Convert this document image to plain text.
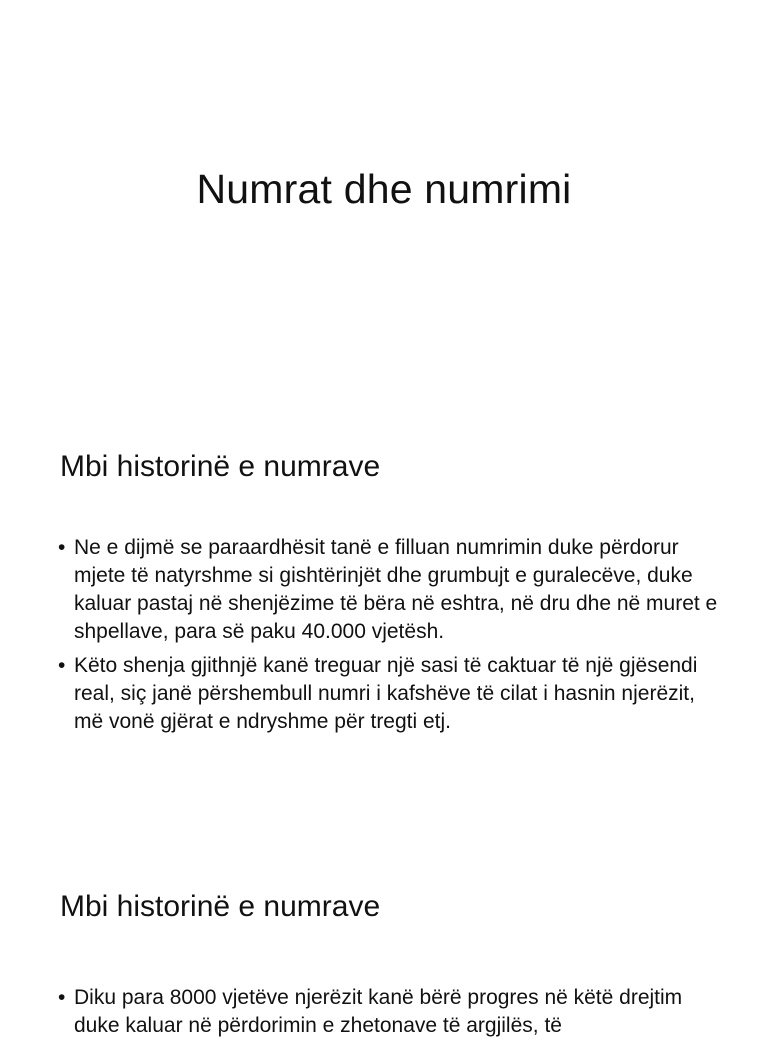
Numrat dhe numrimi
Mbi historinë e numrave
• Ne e dijmë se paraardhësit tanë e filluan numrimin duke përdorur mjete të natyrshme si gishtërinjët dhe grumbujt e guralecëve, duke kaluar pastaj në shenjëzime të bëra në eshtra, në dru dhe në muret e shpellave, para së paku 40.000 vjetësh.
• Këto shenja gjithnjë kanë treguar një sasi të caktuar të një gjësendi real, siç janë përshembull numri i kafshëve të cilat i hasnin njerëzit, më vonë gjërat e ndryshme për tregti etj.
Mbi historinë e numrave
• Diku para 8000 vjetëve njerëzit kanë bërë progres në këtë drejtim duke kaluar në përdorimin e zhetonave të argjilës, të
